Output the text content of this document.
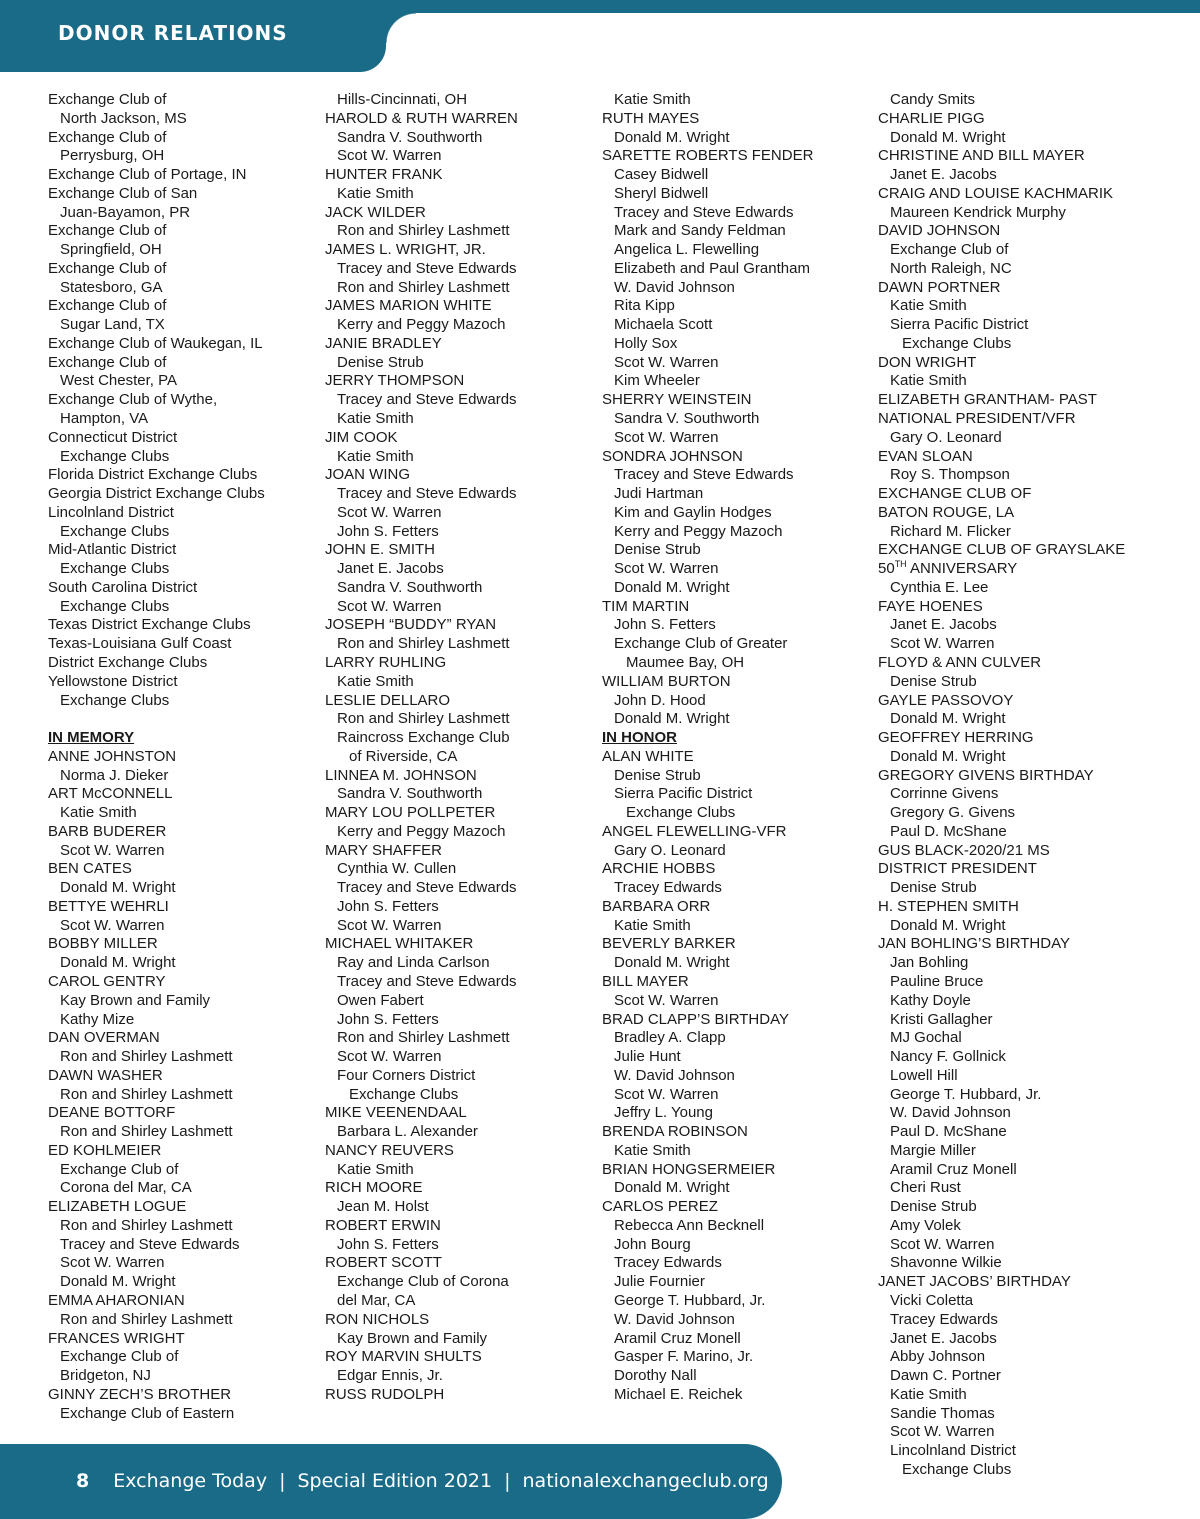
DONOR RELATIONS
Exchange Club of
North Jackson, MS
Exchange Club of
Perrysburg, OH
Exchange Club of Portage, IN
Exchange Club of San
Juan-Bayamon, PR
Exchange Club of
Springfield, OH
Exchange Club of
Statesboro, GA
Exchange Club of
Sugar Land, TX
Exchange Club of Waukegan, IL
Exchange Club of
West Chester, PA
Exchange Club of Wythe,
Hampton, VA
Connecticut District
Exchange Clubs
Florida District Exchange Clubs
Georgia District Exchange Clubs
Lincolnland District
Exchange Clubs
Mid-Atlantic District
Exchange Clubs
South Carolina District
Exchange Clubs
Texas District Exchange Clubs
Texas-Louisiana Gulf Coast
District Exchange Clubs
Yellowstone District
Exchange Clubs
IN MEMORY
ANNE JOHNSTON
Norma J. Dieker
ART McCONNELL
Katie Smith
BARB BUDERER
Scot W. Warren
BEN CATES
Donald M. Wright
BETTYE WEHRLI
Scot W. Warren
BOBBY MILLER
Donald M. Wright
CAROL GENTRY
Kay Brown and Family
Kathy Mize
DAN OVERMAN
Ron and Shirley Lashmett
DAWN WASHER
Ron and Shirley Lashmett
DEANE BOTTORF
Ron and Shirley Lashmett
ED KOHLMEIER
Exchange Club of
Corona del Mar, CA
ELIZABETH LOGUE
Ron and Shirley Lashmett
Tracey and Steve Edwards
Scot W. Warren
Donald M. Wright
EMMA AHARONIAN
Ron and Shirley Lashmett
FRANCES WRIGHT
Exchange Club of
Bridgeton, NJ
GINNY ZECH’S BROTHER
Exchange Club of Eastern
Hills-Cincinnati, OH
HAROLD & RUTH WARREN
Sandra V. Southworth
Scot W. Warren
HUNTER FRANK
Katie Smith
JACK WILDER
Ron and Shirley Lashmett
JAMES L. WRIGHT, JR.
Tracey and Steve Edwards
Ron and Shirley Lashmett
JAMES MARION WHITE
Kerry and Peggy Mazoch
JANIE BRADLEY
Denise Strub
JERRY THOMPSON
Tracey and Steve Edwards
Katie Smith
JIM COOK
Katie Smith
JOAN WING
Tracey and Steve Edwards
Scot W. Warren
John S. Fetters
JOHN E. SMITH
Janet E. Jacobs
Sandra V. Southworth
Scot W. Warren
JOSEPH “BUDDY” RYAN
Ron and Shirley Lashmett
LARRY RUHLING
Katie Smith
LESLIE DELLARO
Ron and Shirley Lashmett
Raincross Exchange Club
of Riverside, CA
LINNEA M. JOHNSON
Sandra V. Southworth
MARY LOU POLLPETER
Kerry and Peggy Mazoch
MARY SHAFFER
Cynthia W. Cullen
Tracey and Steve Edwards
John S. Fetters
Scot W. Warren
MICHAEL WHITAKER
Ray and Linda Carlson
Tracey and Steve Edwards
Owen Fabert
John S. Fetters
Ron and Shirley Lashmett
Scot W. Warren
Four Corners District
Exchange Clubs
MIKE VEENENDAAL
Barbara L. Alexander
NANCY REUVERS
Katie Smith
RICH MOORE
Jean M. Holst
ROBERT ERWIN
John S. Fetters
ROBERT SCOTT
Exchange Club of Corona
del Mar, CA
RON NICHOLS
Kay Brown and Family
ROY MARVIN SHULTS
Edgar Ennis, Jr.
RUSS RUDOLPH
Katie Smith
RUTH MAYES
Donald M. Wright
SARETTE ROBERTS FENDER
Casey Bidwell
Sheryl Bidwell
Tracey and Steve Edwards
Mark and Sandy Feldman
Angelica L. Flewelling
Elizabeth and Paul Grantham
W. David Johnson
Rita Kipp
Michaela Scott
Holly Sox
Scot W. Warren
Kim Wheeler
SHERRY WEINSTEIN
Sandra V. Southworth
Scot W. Warren
SONDRA JOHNSON
Tracey and Steve Edwards
Judi Hartman
Kim and Gaylin Hodges
Kerry and Peggy Mazoch
Denise Strub
Scot W. Warren
Donald M. Wright
TIM MARTIN
John S. Fetters
Exchange Club of Greater
Maumee Bay, OH
WILLIAM BURTON
John D. Hood
Donald M. Wright
IN HONOR
ALAN WHITE
Denise Strub
Sierra Pacific District
Exchange Clubs
ANGEL FLEWELLING-VFR
Gary O. Leonard
ARCHIE HOBBS
Tracey Edwards
BARBARA ORR
Katie Smith
BEVERLY BARKER
Donald M. Wright
BILL MAYER
Scot W. Warren
BRAD CLAPP’S BIRTHDAY
Bradley A. Clapp
Julie Hunt
W. David Johnson
Scot W. Warren
Jeffry L. Young
BRENDA ROBINSON
Katie Smith
BRIAN HONGSERMEIER
Donald M. Wright
CARLOS PEREZ
Rebecca Ann Becknell
John Bourg
Tracey Edwards
Julie Fournier
George T. Hubbard, Jr.
W. David Johnson
Aramil Cruz Monell
Gasper F. Marino, Jr.
Dorothy Nall
Michael E. Reichek
Candy Smits
CHARLIE PIGG
Donald M. Wright
CHRISTINE AND BILL MAYER
Janet E. Jacobs
CRAIG AND LOUISE KACHMARIK
Maureen Kendrick Murphy
DAVID JOHNSON
Exchange Club of
North Raleigh, NC
DAWN PORTNER
Katie Smith
Sierra Pacific District
Exchange Clubs
DON WRIGHT
Katie Smith
ELIZABETH GRANTHAM- PAST
NATIONAL PRESIDENT/VFR
Gary O. Leonard
EVAN SLOAN
Roy S. Thompson
EXCHANGE CLUB OF
BATON ROUGE, LA
Richard M. Flicker
EXCHANGE CLUB OF GRAYSLAKE
50TH ANNIVERSARY
Cynthia E. Lee
FAYE HOENES
Janet E. Jacobs
Scot W. Warren
FLOYD & ANN CULVER
Denise Strub
GAYLE PASSOVOY
Donald M. Wright
GEOFFREY HERRING
Donald M. Wright
GREGORY GIVENS BIRTHDAY
Corrinne Givens
Gregory G. Givens
Paul D. McShane
GUS BLACK-2020/21 MS
DISTRICT PRESIDENT
Denise Strub
H. STEPHEN SMITH
Donald M. Wright
JAN BOHLING’S BIRTHDAY
Jan Bohling
Pauline Bruce
Kathy Doyle
Kristi Gallagher
MJ Gochal
Nancy F. Gollnick
Lowell Hill
George T. Hubbard, Jr.
W. David Johnson
Paul D. McShane
Margie Miller
Aramil Cruz Monell
Cheri Rust
Denise Strub
Amy Volek
Scot W. Warren
Shavonne Wilkie
JANET JACOBS’ BIRTHDAY
Vicki Coletta
Tracey Edwards
Janet E. Jacobs
Abby Johnson
Dawn C. Portner
Katie Smith
Sandie Thomas
Scot W. Warren
Lincolnland District
Exchange Clubs
8 Exchange Today | Special Edition 2021 | nationalexchangeclub.org
